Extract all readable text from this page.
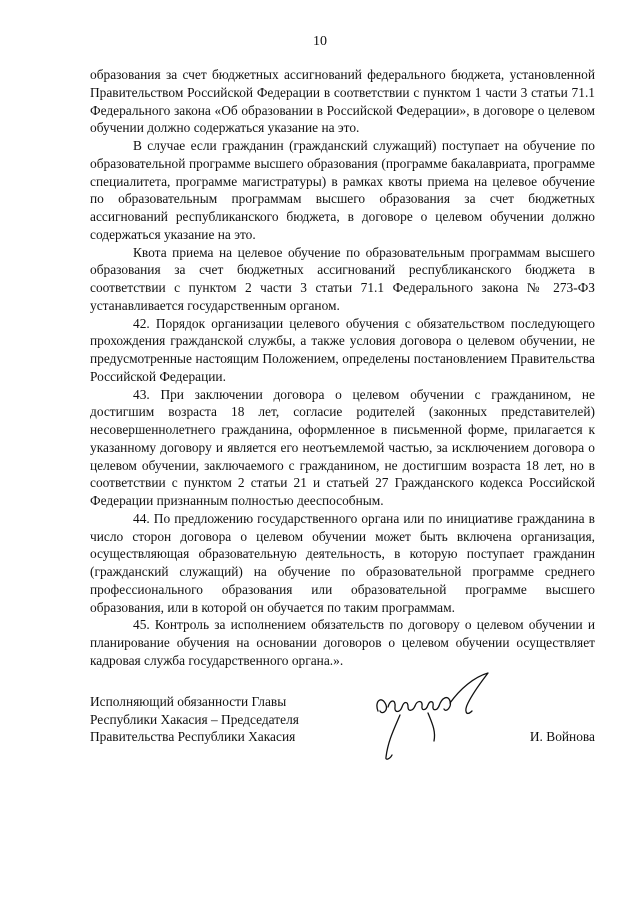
10

образования за счет бюджетных ассигнований федерального бюджета, установленной Правительством Российской Федерации в соответствии с пунктом 1 части 3 статьи 71.1 Федерального закона «Об образовании в Российской Федерации», в договоре о целевом обучении должно содержаться указание на это.

В случае если гражданин (гражданский служащий) поступает на обучение по образовательной программе высшего образования (программе бакалавриата, программе специалитета, программе магистратуры) в рамках квоты приема на целевое обучение по образовательным программам высшего образования за счет бюджетных ассигнований республиканского бюджета, в договоре о целевом обучении должно содержаться указание на это.

Квота приема на целевое обучение по образовательным программам высшего образования за счет бюджетных ассигнований республиканского бюджета в соответствии с пунктом 2 части 3 статьи 71.1 Федерального закона № 273-ФЗ устанавливается государственным органом.

42. Порядок организации целевого обучения с обязательством последующего прохождения гражданской службы, а также условия договора о целевом обучении, не предусмотренные настоящим Положением, определены постановлением Правительства Российской Федерации.

43. При заключении договора о целевом обучении с гражданином, не достигшим возраста 18 лет, согласие родителей (законных представителей) несовершеннолетнего гражданина, оформленное в письменной форме, прилагается к указанному договору и является его неотъемлемой частью, за исключением договора о целевом обучении, заключаемого с гражданином, не достигшим возраста 18 лет, но в соответствии с пунктом 2 статьи 21 и статьей 27 Гражданского кодекса Российской Федерации признанным полностью дееспособным.

44. По предложению государственного органа или по инициативе гражданина в число сторон договора о целевом обучении может быть включена организация, осуществляющая образовательную деятельность, в которую поступает гражданин (гражданский служащий) на обучение по образовательной программе среднего профессионального образования или образовательной программе высшего образования, или в которой он обучается по таким программам.

45. Контроль за исполнением обязательств по договору о целевом обучении и планирование обучения на основании договоров о целевом обучении осуществляет кадровая служба государственного органа.».

Исполняющий обязанности Главы
Республики Хакасия – Председателя
Правительства Республики Хакасия	И. Войнова
